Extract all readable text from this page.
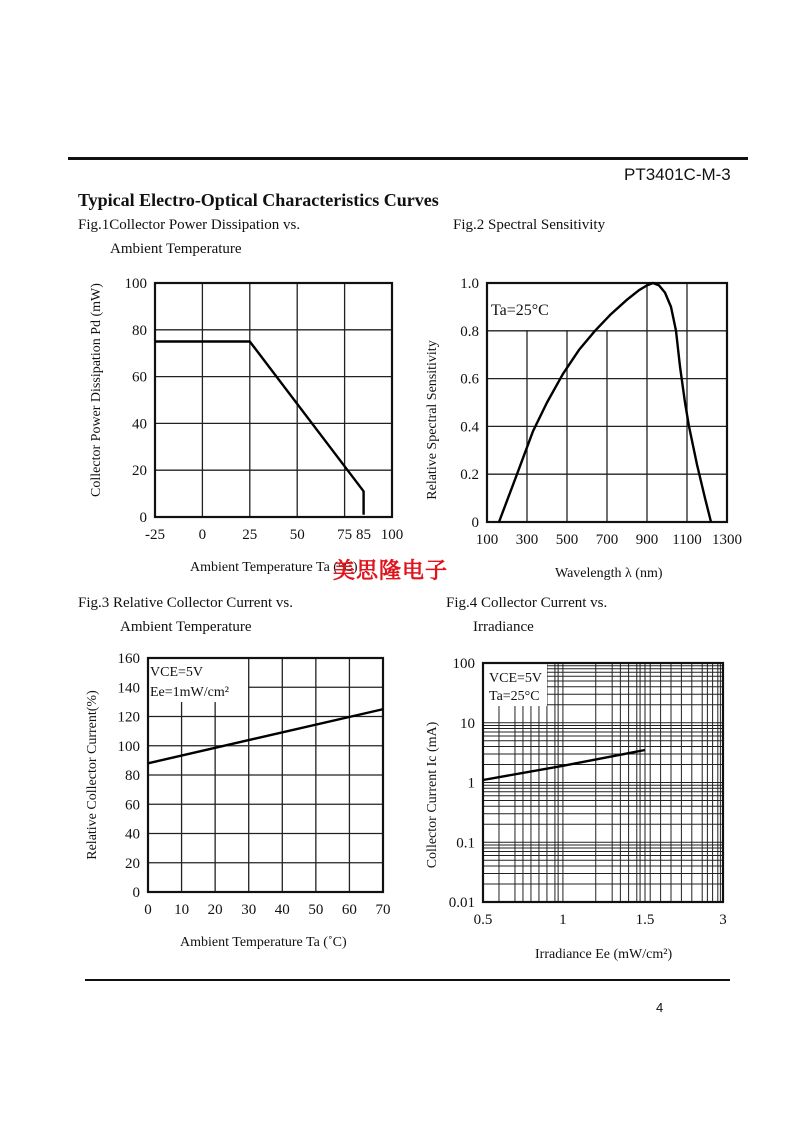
PT3401C-M-3
Typical Electro-Optical Characteristics Curves
Fig.1Collector Power Dissipation vs.
Ambient Temperature
Fig.2 Spectral Sensitivity
Fig.3 Relative Collector Current vs.
Ambient Temperature
Fig.4 Collector Current vs.
Irradiance
0
20
40
60
80
100
-25 0 25 50 75 85 100
Ambient Temperature Ta (°C)
Collector Power Dissipation Pd (mW)
0
0.2
0.4
0.6
0.8
1.0
100 300 500 700 900 1100 1300
Wavelength λ (nm)
Relative Spectral Sensitivity
Ta=25°C
0
20
40
60
80
100
120
140
160
0 10 20 30 40 50 60 70
Ambient Temperature Ta (˚C)
Relative Collector Current(%)
VCE=5V
Ee=1mW/cm²
0.01
0.1
1
10
100
0.5	1	1.5	3
Irradiance Ee (mW/cm²)
Collector Current Ic (mA)
VCE=5V
Ta=25°C
美思隆电子
4
